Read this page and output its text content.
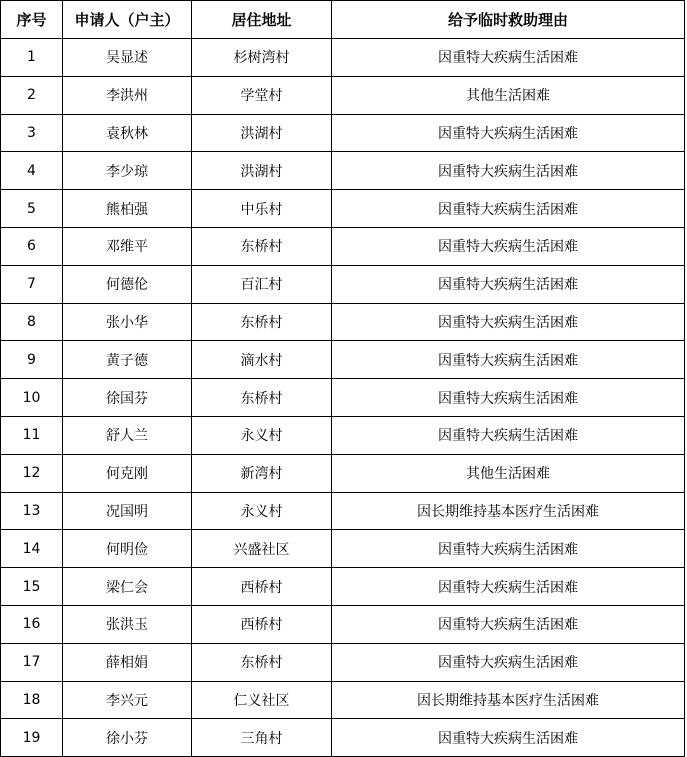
序号	申请人（户主）	居住地址	给予临时救助理由
1	吴显述	杉树湾村	因重特大疾病生活困难
2	李洪州	学堂村	其他生活困难
3	袁秋林	洪湖村	因重特大疾病生活困难
4	李少琼	洪湖村	因重特大疾病生活困难
5	熊柏强	中乐村	因重特大疾病生活困难
6	邓维平	东桥村	因重特大疾病生活困难
7	何德伦	百汇村	因重特大疾病生活困难
8	张小华	东桥村	因重特大疾病生活困难
9	黄子德	滴水村	因重特大疾病生活困难
10	徐国芬	东桥村	因重特大疾病生活困难
11	舒人兰	永义村	因重特大疾病生活困难
12	何克刚	新湾村	其他生活困难
13	况国明	永义村	因长期维持基本医疗生活困难
14	何明俭	兴盛社区	因重特大疾病生活困难
15	梁仁会	西桥村	因重特大疾病生活困难
16	张洪玉	西桥村	因重特大疾病生活困难
17	薛相娟	东桥村	因重特大疾病生活困难
18	李兴元	仁义社区	因长期维持基本医疗生活困难
19	徐小芬	三角村	因重特大疾病生活困难
